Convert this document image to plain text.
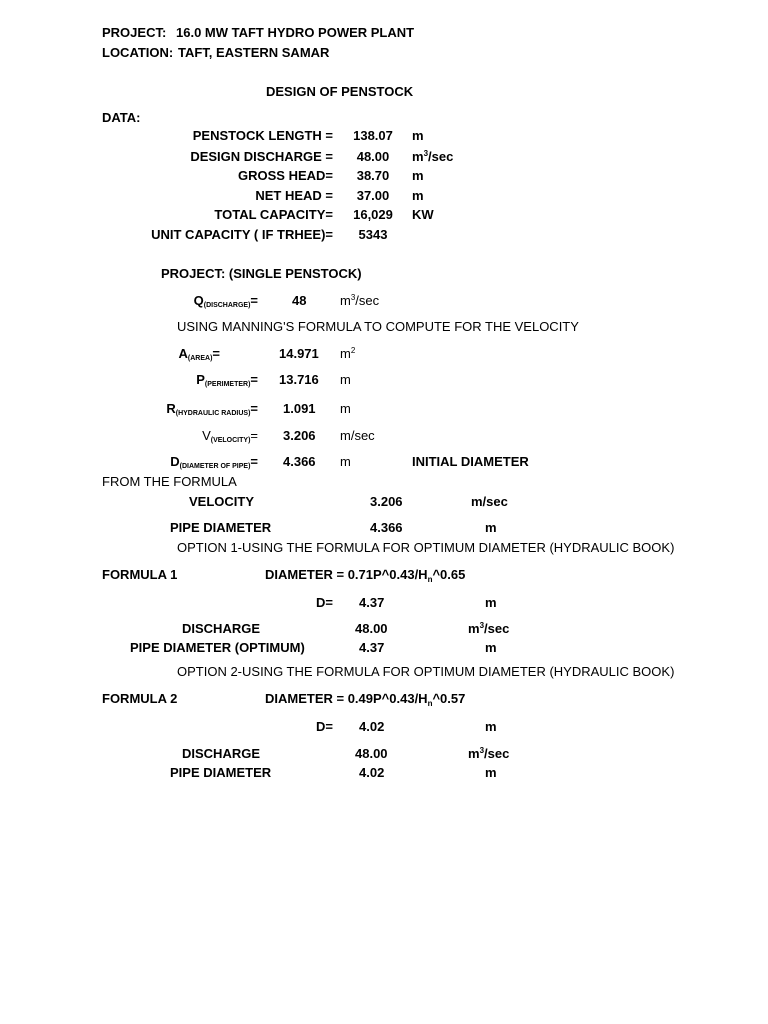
PROJECT: 16.0 MW TAFT HYDRO POWER PLANT
LOCATION: TAFT, EASTERN SAMAR
DESIGN OF PENSTOCK
DATA:
PENSTOCK LENGTH =	138.07	m
DESIGN DISCHARGE =	48.00	$m^3/\sec$
GROSS HEAD=	38.70	m
NET HEAD =	37.00	m
TOTAL CAPACITY=	16,029	KW
UNIT CAPACITY ( IF TRHEE)=	5343
PROJECT: (SINGLE PENSTOCK)
$Q_{(DISCHARGE)}=$	48	$m^3/\sec$
USING MANNING'S FORMULA TO COMPUTE FOR THE VELOCITY
$A_{(AREA)}=$	14.971 $m^2$
$P_{(PERIMETER)}= 13.716$ m
$R_{(HYDRAULIC RADIUS)}= 1.091$ m
$V_{(VELOCITY)}= 3.206$ m/sec
$D_{(DIAMETER OF PIPE)}= 4.366$ m	INITIAL DIAMETER
FROM THE FORMULA
VELOCITY	3.206	m/sec
PIPE DIAMETER	4.366	m
OPTION 1-USING THE FORMULA FOR OPTIMUM DIAMETER (HYDRAULIC BOOK)
FORMULA 1	DIAMETER = $0.71P\^{}0.43/H_n\^{}0.65$
D= 4.37	m
DISCHARGE	48.00	$m^3/\sec$
PIPE DIAMETER (OPTIMUM)	4.37	m
OPTION 2-USING THE FORMULA FOR OPTIMUM DIAMETER (HYDRAULIC BOOK)
FORMULA 2	DIAMETER = $0.49P\^{}0.43/H_n\^{}0.57$
D= 4.02	m
DISCHARGE	48.00	$m^3/\sec$
PIPE DIAMETER	4.02	m
